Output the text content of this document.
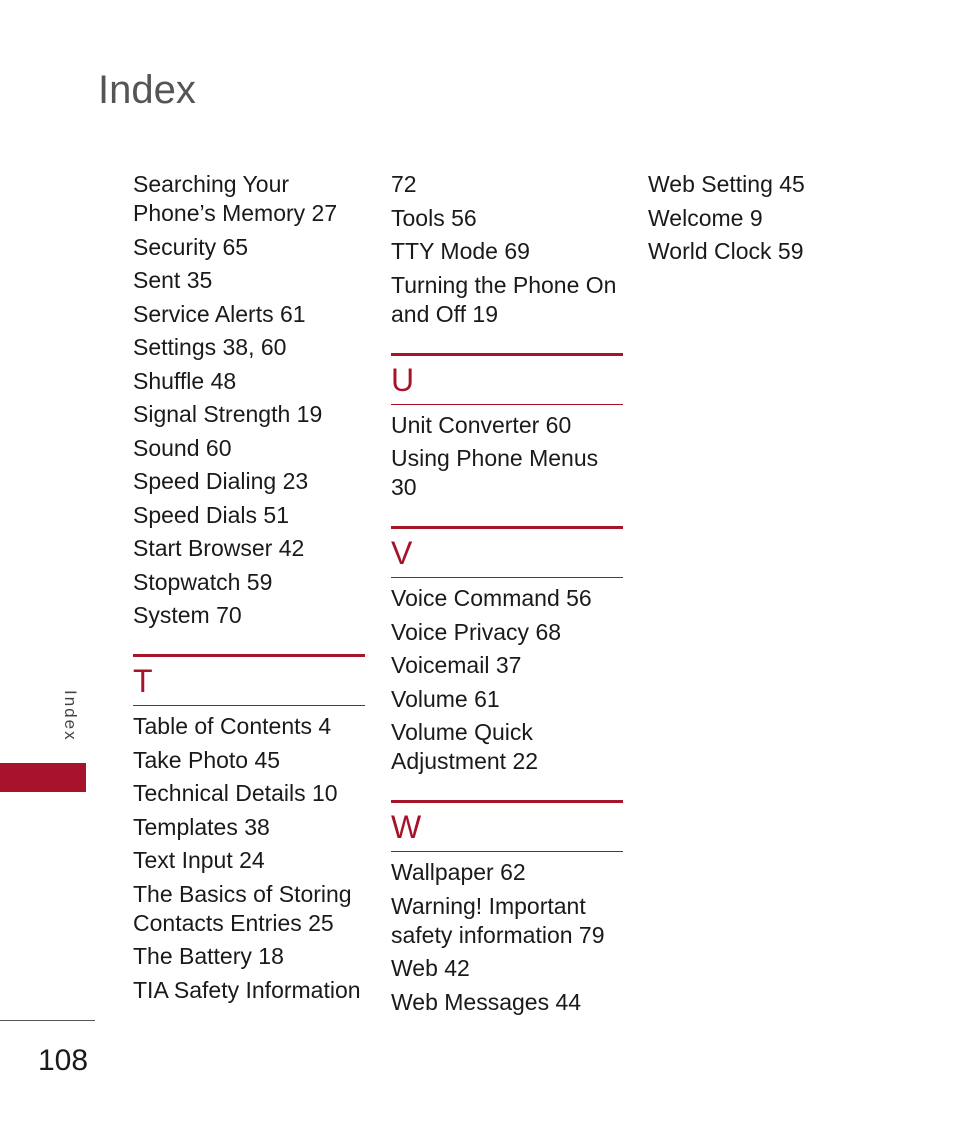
Index
Searching Your Phone’s Memory 27
Security 65
Sent 35
Service Alerts 61
Settings 38, 60
Shuffle 48
Signal Strength 19
Sound 60
Speed Dialing 23
Speed Dials 51
Start Browser 42
Stopwatch 59
System 70
T
Table of Contents 4
Take Photo 45
Technical Details 10
Templates 38
Text Input 24
The Basics of Storing Contacts Entries 25
The Battery 18
TIA Safety Information
72
Tools 56
TTY Mode 69
Turning the Phone On and Off 19
U
Unit Converter 60
Using Phone Menus 30
V
Voice Command 56
Voice Privacy 68
Voicemail 37
Volume 61
Volume Quick Adjustment 22
W
Wallpaper 62
Warning! Important safety information 79
Web 42
Web Messages 44
Web Setting 45
Welcome 9
World Clock 59
Index
108
